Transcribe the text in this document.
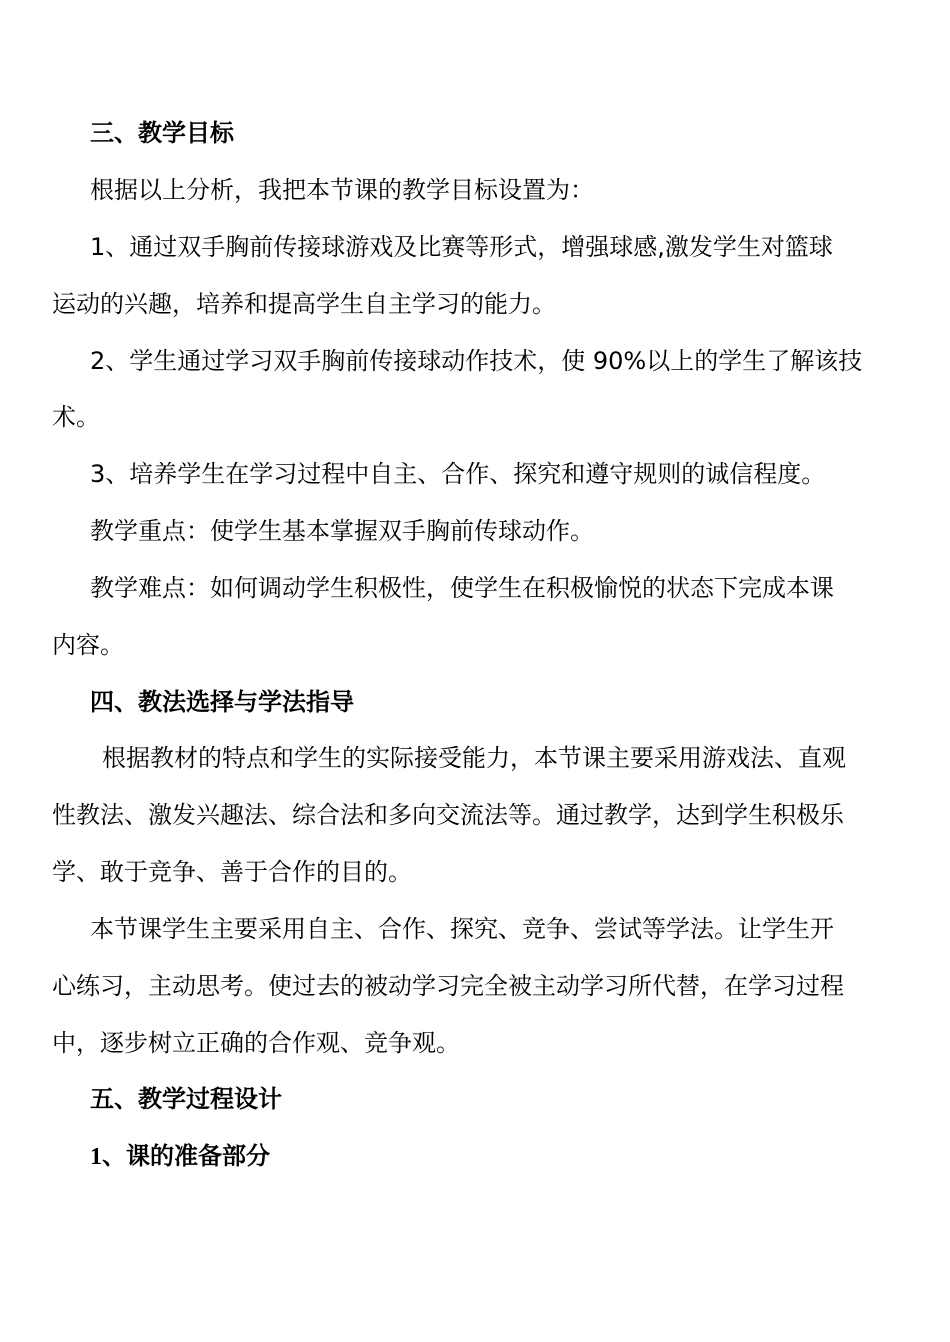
三、教学目标
根据以上分析，我把本节课的教学目标设置为：
1、通过双手胸前传接球游戏及比赛等形式，增强球感,激发学生对篮球
运动的兴趣，培养和提高学生自主学习的能力。
2、学生通过学习双手胸前传接球动作技术，使 90%以上的学生了解该技
术。
3、培养学生在学习过程中自主、合作、探究和遵守规则的诚信程度。
教学重点：使学生基本掌握双手胸前传球动作。
教学难点：如何调动学生积极性，使学生在积极愉悦的状态下完成本课
内容。
四、教法选择与学法指导
根据教材的特点和学生的实际接受能力，本节课主要采用游戏法、直观
性教法、激发兴趣法、综合法和多向交流法等。通过教学，达到学生积极乐
学、敢于竞争、善于合作的目的。
本节课学生主要采用自主、合作、探究、竞争、尝试等学法。让学生开
心练习，主动思考。使过去的被动学习完全被主动学习所代替，在学习过程
中，逐步树立正确的合作观、竞争观。
五、教学过程设计
1、课的准备部分
